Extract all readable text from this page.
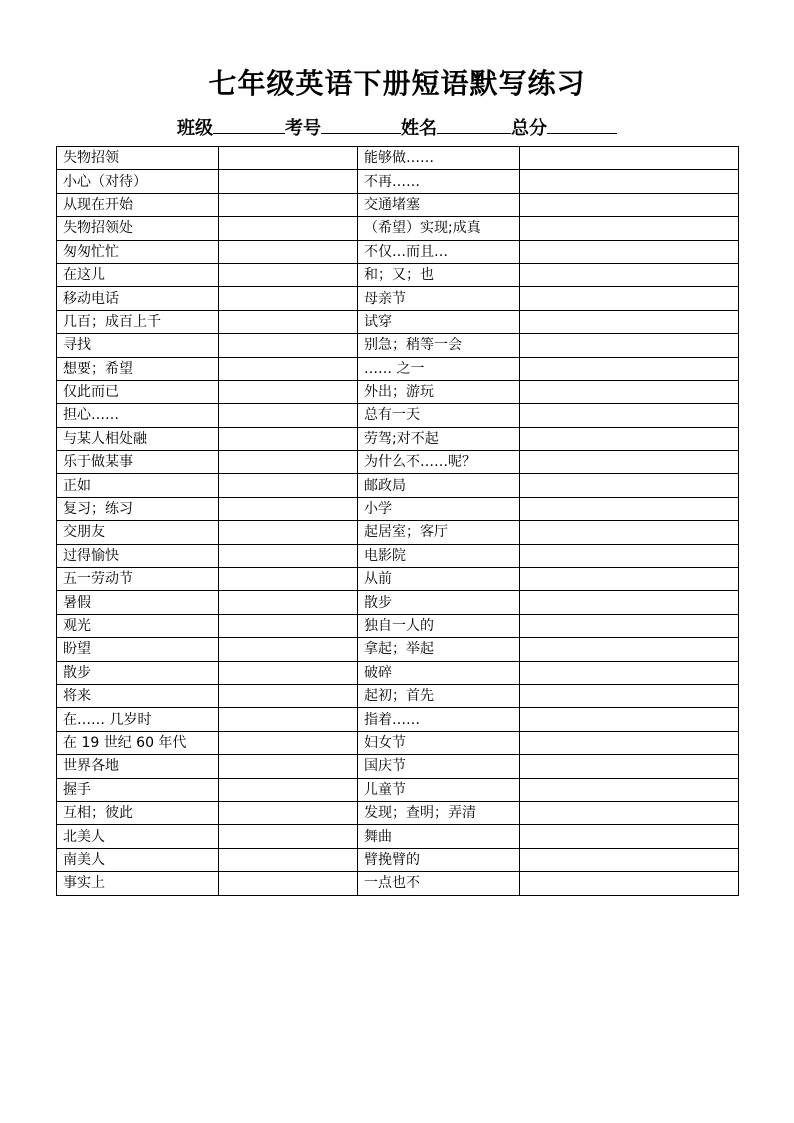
七年级英语下册短语默写练习
班级	考号	姓名	总分
失物招领		能够做……	
小心（对待）		不再……	
从现在开始		交通堵塞	
失物招领处		（希望）实现;成真	
匆匆忙忙		不仅…而且…	
在这儿		和；又；也	
移动电话		母亲节	
几百；成百上千		试穿	
寻找		别急；稍等一会	
想要；希望		…… 之一	
仅此而已		外出；游玩	
担心……		总有一天	
与某人相处融		劳驾;对不起	
乐于做某事		为什么不……呢？	
正如		邮政局	
复习；练习		小学	
交朋友		起居室；客厅	
过得愉快		电影院	
五一劳动节		从前	
暑假		散步	
观光		独自一人的	
盼望		拿起；举起	
散步		破碎	
将来		起初；首先	
在…… 几岁时		指着……	
在 19 世纪 60 年代		妇女节	
世界各地		国庆节	
握手		儿童节	
互相；彼此		发现；查明；弄清	
北美人		舞曲	
南美人		臂挽臂的	
事实上		一点也不	
